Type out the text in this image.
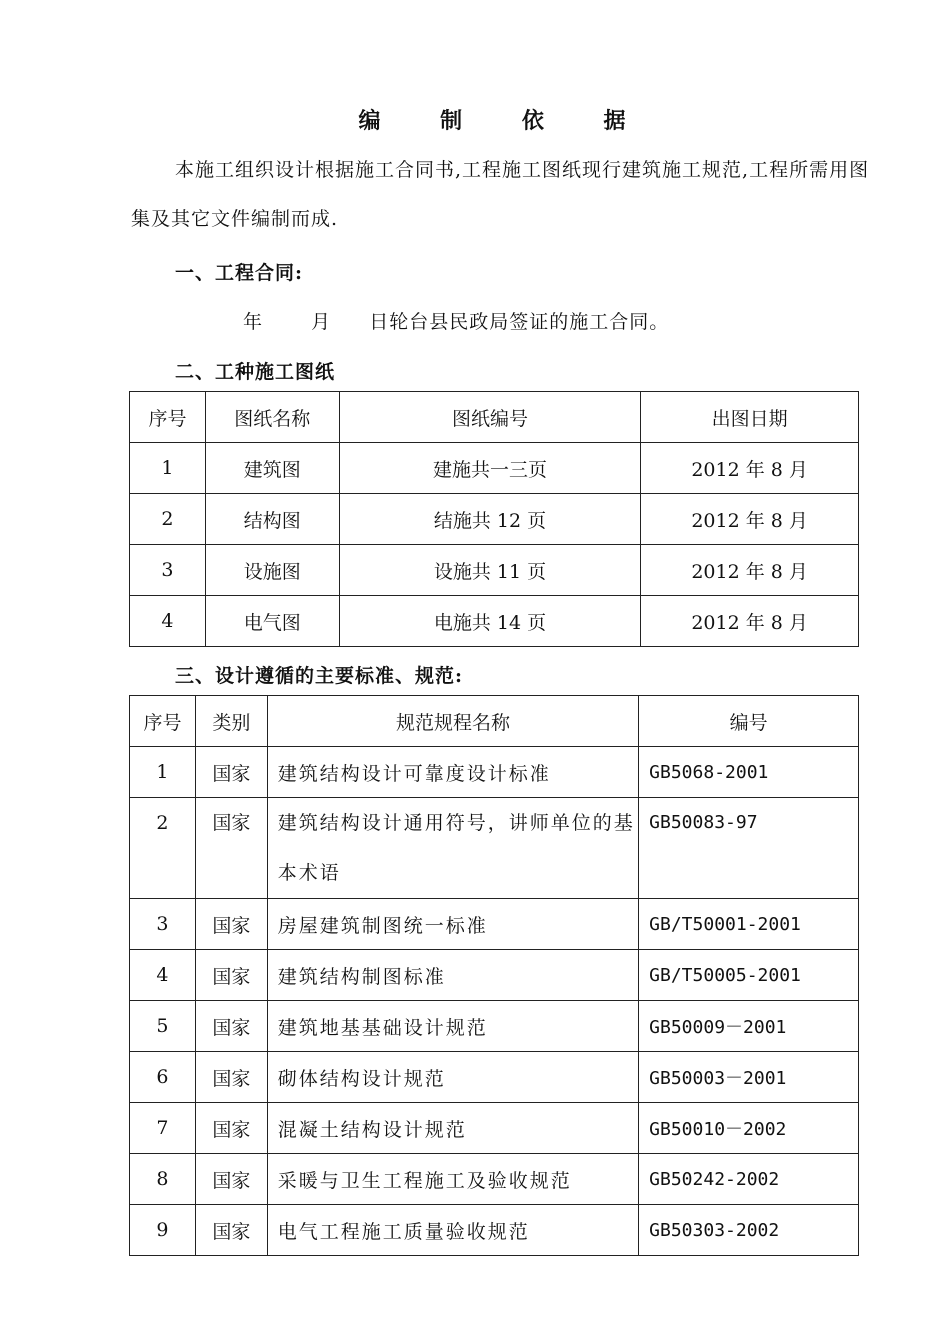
编 制 依 据
本施工组织设计根据施工合同书,工程施工图纸现行建筑施工规范,工程所需用图集及其它文件编制而成.
一、工程合同:
年	月 日轮台县民政局签证的施工合同。
二、工种施工图纸
序号	图纸名称	图纸编号	出图日期
1	建筑图	建施共一三页	2012 年 8 月
2	结构图	结施共 12 页	2012 年 8 月
3	设施图	设施共 11 页	2012 年 8 月
4	电气图	电施共 14 页	2012 年 8 月
三、设计遵循的主要标准、规范:
序号	类别	规范规程名称	编号
1	国家	建筑结构设计可靠度设计标准	GB5068-2001

2	国家	建筑结构设计通用符号，讲师单位的基本术语	GB50083-97

3	国家	房屋建筑制图统一标准	GB/T50001-2001
4	国家	建筑结构制图标准	GB/T50005-2001
5	国家	建筑地基基础设计规范	GB50009－2001
6	国家	砌体结构设计规范	GB50003－2001
7	国家	混凝土结构设计规范	GB50010－2002
8	国家	采暖与卫生工程施工及验收规范	GB50242-2002
9	国家	电气工程施工质量验收规范	GB50303-2002
